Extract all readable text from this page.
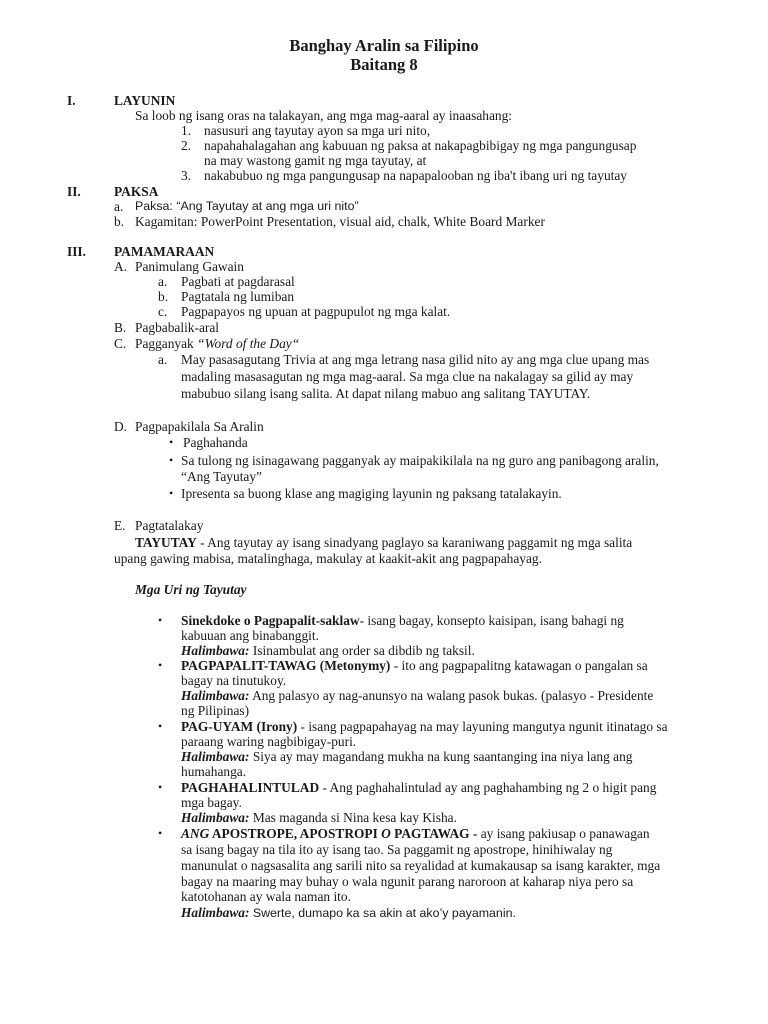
Banghay Aralin sa Filipino
Baitang 8
I.	LAYUNIN
Sa loob ng isang oras na talakayan, ang mga mag-aaral ay inaasahang:
1. nasusuri ang tayutay ayon sa mga uri nito,
2. napahahalagahan ang kabuuan ng paksa at nakapagbibigay ng mga pangungusap
na may wastong gamit ng mga tayutay, at
3. nakabubuo ng mga pangungusap na napapalooban ng iba't ibang uri ng tayutay
II. PAKSA
a. Paksa: “Ang Tayutay at ang mga uri nito”
b. Kagamitan: PowerPoint Presentation, visual aid, chalk, White Board Marker
III. PAMAMARAAN
A. Panimulang Gawain
a. Pagbati at pagdarasal
b. Pagtatala ng lumiban
c. Pagpapayos ng upuan at pagpupulot ng mga kalat.
B. Pagbabalik-aral
C. Pagganyak “Word of the Day“
a. May pasasagutang Trivia at ang mga letrang nasa gilid nito ay ang mga clue upang mas
madaling masasagutan ng mga mag-aaral. Sa mga clue na nakalagay sa gilid ay may
mabubuo silang isang salita. At dapat nilang mabuo ang salitang TAYUTAY.
D. Pagpapakilala Sa Aralin
• Paghahanda
• Sa tulong ng isinagawang pagganyak ay maipakikilala na ng guro ang panibagong aralin,
“Ang Tayutay”
• Ipresenta sa buong klase ang magiging layunin ng paksang tatalakayin.
E. Pagtatalakay
TAYUTAY - Ang tayutay ay isang sinadyang paglayo sa karaniwang paggamit ng mga salita
upang gawing mabisa, matalinghaga, makulay at kaakit-akit ang pagpapahayag.
Mga Uri ng Tayutay
• Sinekdoke o Pagpapalit-saklaw- isang bagay, konsepto kaisipan, isang bahagi ng
kabuuan ang binabanggit.
Halimbawa: Isinambulat ang order sa dibdib ng taksil.
• PAGPAPALIT-TAWAG (Metonymy) - ito ang pagpapalitng katawagan o pangalan sa
bagay na tinutukoy.
Halimbawa: Ang palasyo ay nag-anunsyo na walang pasok bukas. (palasyo - Presidente
ng Pilipinas)
• PAG-UYAM (Irony) - isang pagpapahayag na may layuning mangutya ngunit itinatago sa
paraang waring nagbibigay-puri.
Halimbawa: Siya ay may magandang mukha na kung saantanging ina niya lang ang
humahanga.
• PAGHAHALINTULAD - Ang paghahalintulad ay ang paghahambing ng 2 o higit pang
mga bagay.
Halimbawa: Mas maganda si Nina kesa kay Kisha.
• ANG APOSTROPE, APOSTROPI O PAGTAWAG - ay isang pakiusap o panawagan
sa isang bagay na tila ito ay isang tao. Sa paggamit ng apostrope, hinihiwalay ng
manunulat o nagsasalita ang sarili nito sa reyalidad at kumakausap sa isang karakter, mga
bagay na maaring may buhay o wala ngunit parang naroroon at kaharap niya pero sa
katotohanan ay wala naman ito.
Halimbawa: Swerte, dumapo ka sa akin at ako’y payamanin.
